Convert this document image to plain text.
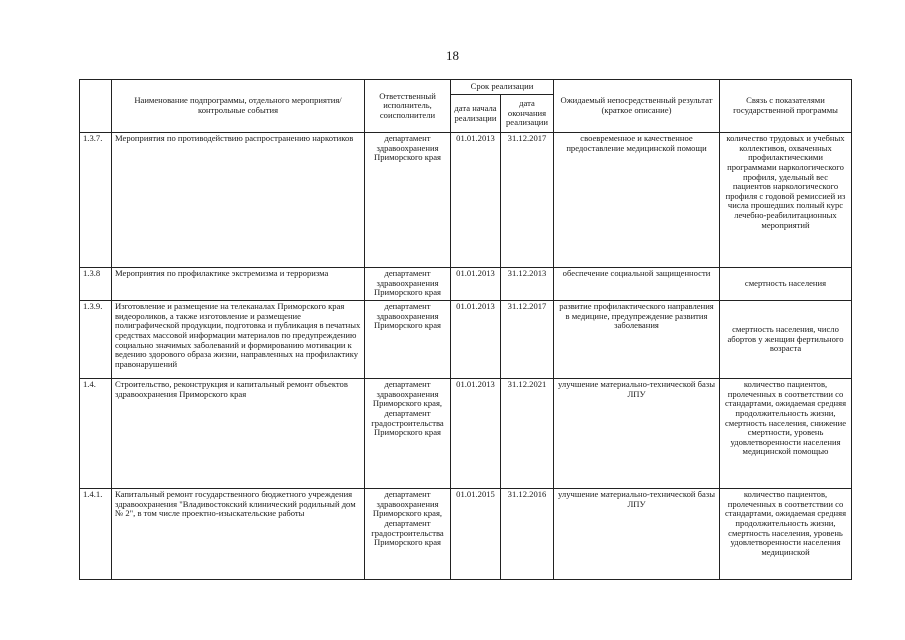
18
	Наименование подпрограммы, отдельного мероприятия/контрольные события	Ответственный исполнитель, соисполнители	Срок реализации		Ожидаемый непосредственный результат (краткое описание)	Связь с показателями государственной программы
			дата начала реализации	дата окончания реализации		
1.3.7.	Мероприятия по противодействию распространению наркотиков	департамент здравоохранения Приморского края	01.01.2013	31.12.2017	своевременное и качественное предоставление медицинской помощи	количество трудовых и учебных коллективов, охваченных профилактическими программами наркологического профиля, удельный вес пациентов наркологического профиля с годовой ремиссией из числа прошедших полный курс лечебно-реабилитационных мероприятий
1.3.8	Мероприятия по профилактике экстремизма и терроризма	департамент здравоохранения Приморского края	01.01.2013	31.12.2013	обеспечение социальной защищенности	смертность населения
1.3.9.	Изготовление и размещение на телеканалах Приморского края видеороликов, а также изготовление и размещение полиграфической продукции, подготовка и публикация в печатных средствах массовой информации материалов по предупреждению социально значимых заболеваний и формированию мотивации к ведению здорового образа жизни, направленных на профилактику правонарушений	департамент здравоохранения Приморского края	01.01.2013	31.12.2017	развитие профилактического направления в медицине, предупреждение развития заболевания	смертность населения, число абортов у женщин фертильного возраста
1.4.	Строительство, реконструкция и капитальный ремонт объектов здравоохранения Приморского края	департамент здравоохранения Приморского края, департамент градостроительства Приморского края	01.01.2013	31.12.2021	улучшение материально-технической базы ЛПУ	количество пациентов, пролеченных в соответствии со стандартами, ожидаемая средняя продолжительность жизни, смертность населения, снижение смертности, уровень удовлетворенности населения медицинской помощью
1.4.1.	Капитальный ремонт государственного бюджетного учреждения здравоохранения "Владивостокский клинический родильный дом № 2", в том числе проектно-изыскательские работы	департамент здравоохранения Приморского края, департамент градостроительства Приморского края	01.01.2015	31.12.2016	улучшение материально-технической базы ЛПУ	количество пациентов, пролеченных в соответствии со стандартами, ожидаемая средняя продолжительность жизни, смертность населения, уровень удовлетворенности населения медицинской
